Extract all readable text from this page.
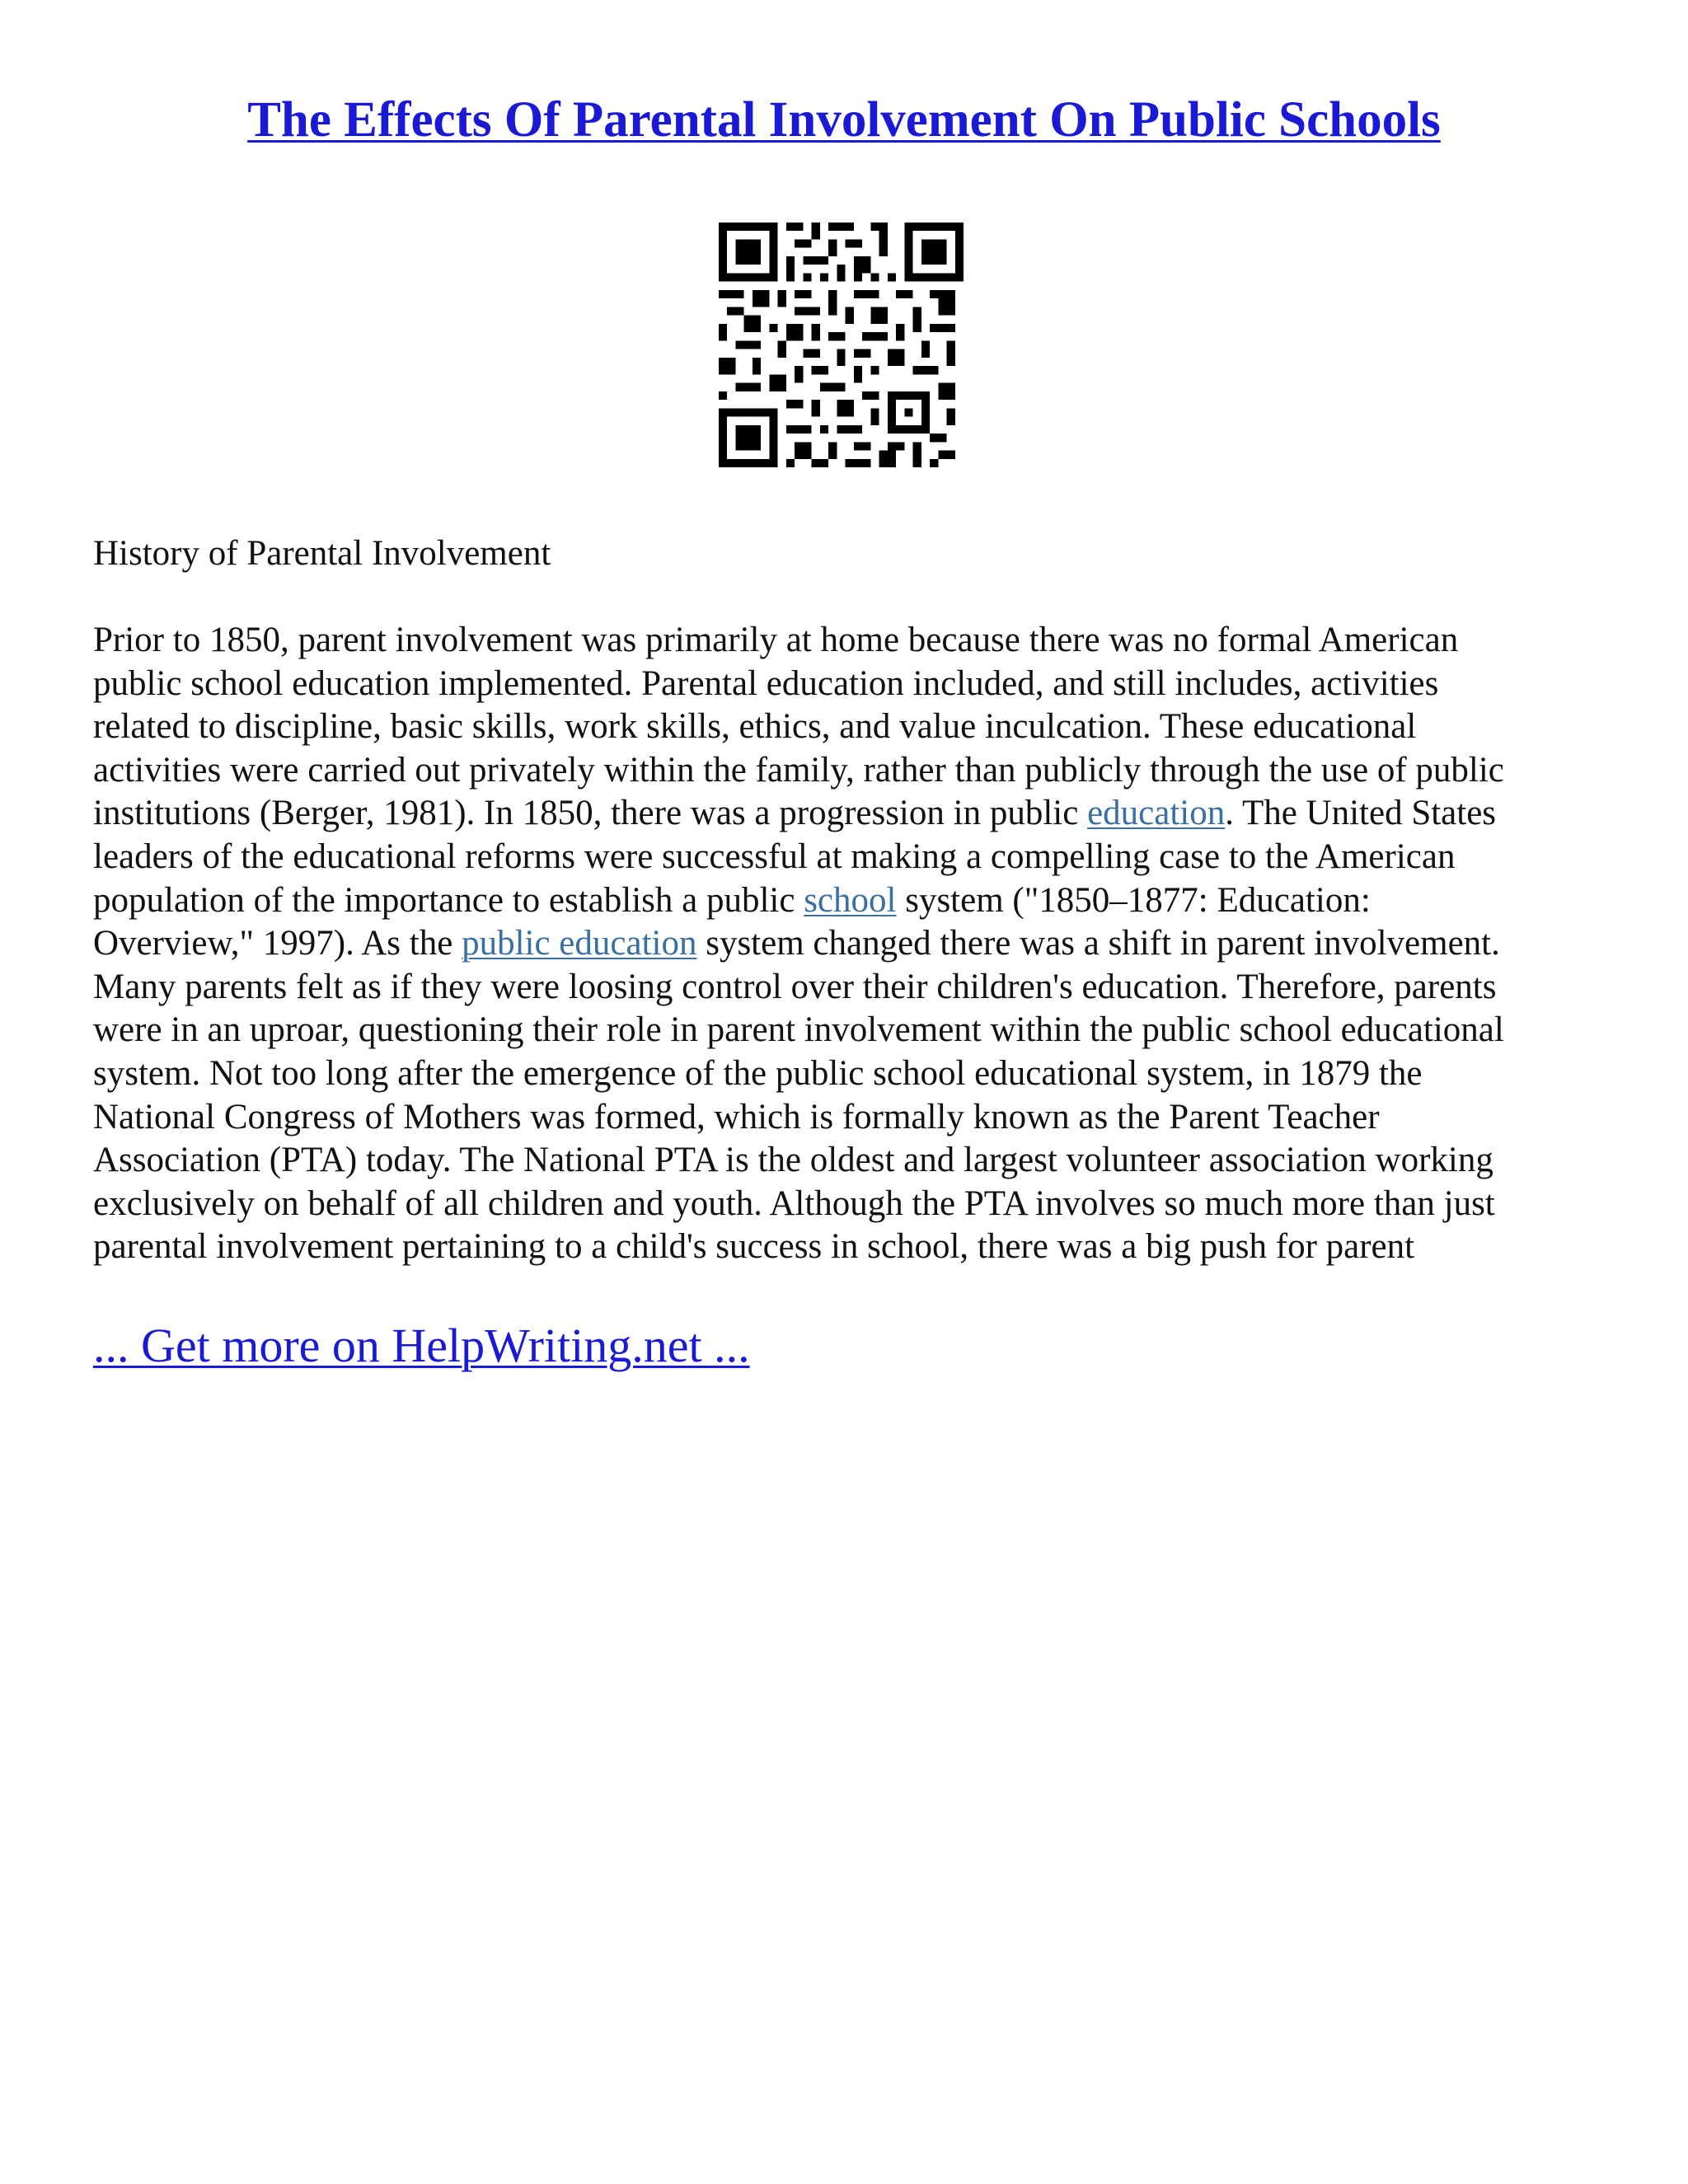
The Effects Of Parental Involvement On Public Schools
History of Parental Involvement

Prior to 1850, parent involvement was primarily at home because there was no formal American
public school education implemented. Parental education included, and still includes, activities
related to discipline, basic skills, work skills, ethics, and value inculcation. These educational
activities were carried out privately within the family, rather than publicly through the use of public
institutions (Berger, 1981). In 1850, there was a progression in public education. The United States
leaders of the educational reforms were successful at making a compelling case to the American
population of the importance to establish a public school system ("1850–1877: Education:
Overview," 1997). As the public education system changed there was a shift in parent involvement.
Many parents felt as if they were loosing control over their children's education. Therefore, parents
were in an uproar, questioning their role in parent involvement within the public school educational
system. Not too long after the emergence of the public school educational system, in 1879 the
National Congress of Mothers was formed, which is formally known as the Parent Teacher
Association (PTA) today. The National PTA is the oldest and largest volunteer association working
exclusively on behalf of all children and youth. Although the PTA involves so much more than just
parental involvement pertaining to a child's success in school, there was a big push for parent

... Get more on HelpWriting.net ...
